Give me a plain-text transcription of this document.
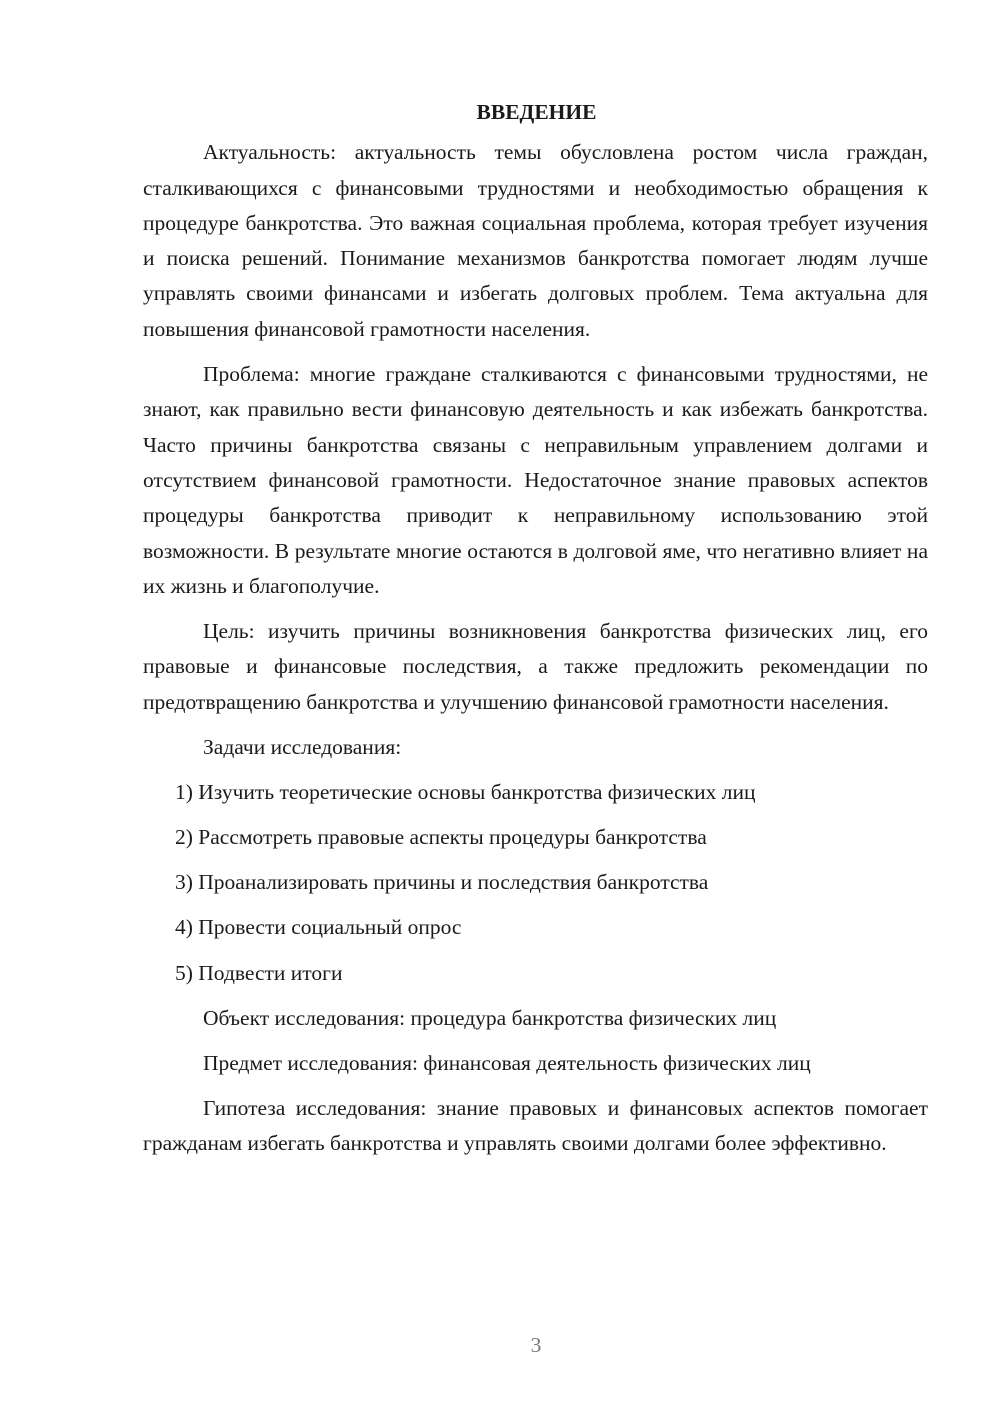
ВВЕДЕНИЕ

Актуальность: актуальность темы обусловлена ростом числа граждан, сталкивающихся с финансовыми трудностями и необходимостью обращения к процедуре банкротства. Это важная социальная проблема, которая требует изучения и поиска решений. Понимание механизмов банкротства помогает людям лучше управлять своими финансами и избегать долговых проблем. Тема актуальна для повышения финансовой грамотности населения.

Проблема: многие граждане сталкиваются с финансовыми трудностями, не знают, как правильно вести финансовую деятельность и как избежать банкротства. Часто причины банкротства связаны с неправильным управлением долгами и отсутствием финансовой грамотности. Недостаточное знание правовых аспектов процедуры банкротства приводит к неправильному использованию этой возможности. В результате многие остаются в долговой яме, что негативно влияет на их жизнь и благополучие.

Цель: изучить причины возникновения банкротства физических лиц, его правовые и финансовые последствия, а также предложить рекомендации по предотвращению банкротства и улучшению финансовой грамотности населения.

Задачи исследования:

1) Изучить теоретические основы банкротства физических лиц

2) Рассмотреть правовые аспекты процедуры банкротства

3) Проанализировать причины и последствия банкротства

4) Провести социальный опрос

5) Подвести итоги

Объект исследования: процедура банкротства физических лиц

Предмет исследования: финансовая деятельность физических лиц

Гипотеза исследования: знание правовых и финансовых аспектов помогает гражданам избегать банкротства и управлять своими долгами более эффективно.

3
